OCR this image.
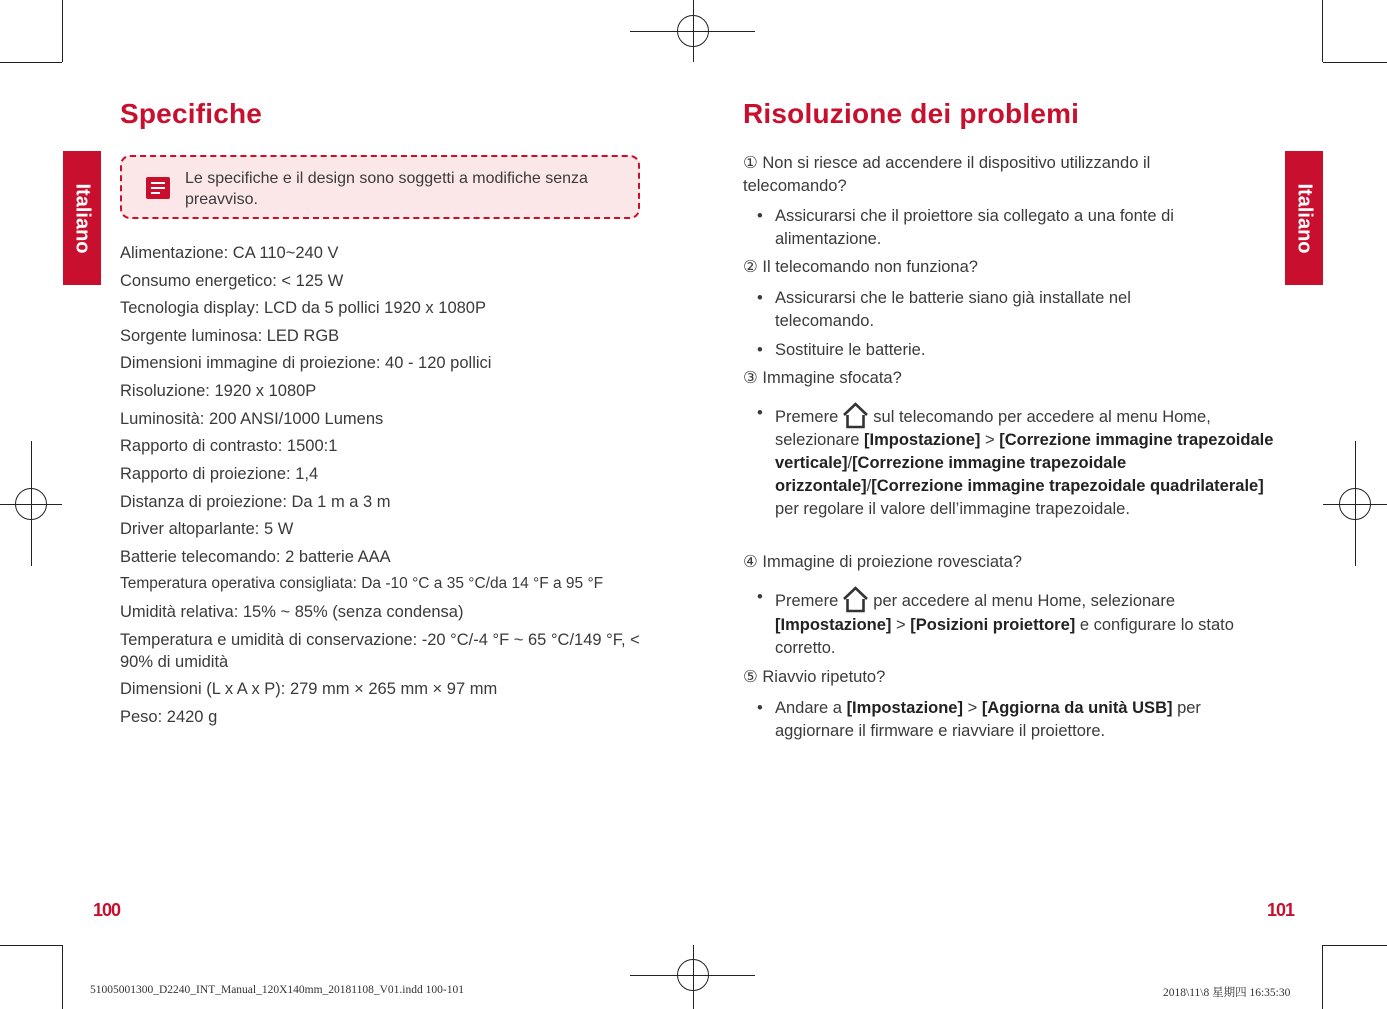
Italiano
Specifiche
Le specifiche e il design sono soggetti a modifiche senza preavviso.
Alimentazione: CA 110~240 V
Consumo energetico: < 125 W
Tecnologia display: LCD da 5 pollici 1920 x 1080P
Sorgente luminosa: LED RGB
Dimensioni immagine di proiezione: 40 - 120 pollici
Risoluzione: 1920 x 1080P
Luminosità: 200 ANSI/1000 Lumens
Rapporto di contrasto: 1500:1
Rapporto di proiezione: 1,4
Distanza di proiezione: Da 1 m a 3 m
Driver altoparlante: 5 W
Batterie telecomando: 2 batterie AAA
Temperatura operativa consigliata: Da -10 °C a 35 °C/da 14 °F a 95 °F
Umidità relativa: 15% ~ 85% (senza condensa)
Temperatura e umidità di conservazione: -20 °C/-4 °F ~ 65 °C/149 °F, < 90% di umidità
Dimensioni (L x A x P): 279 mm × 265 mm × 97 mm
Peso: 2420 g
100
Italiano
Risoluzione dei problemi
① Non si riesce ad accendere il dispositivo utilizzando il telecomando?
• Assicurarsi che il proiettore sia collegato a una fonte di alimentazione.
② Il telecomando non funziona?
• Assicurarsi che le batterie siano già installate nel telecomando.
• Sostituire le batterie.
③ Immagine sfocata?
• Premere sul telecomando per accedere al menu Home,
selezionare [Impostazione] > [Correzione immagine trapezoidale verticale]/[Correzione immagine trapezoidale orizzontale]/[Correzione immagine trapezoidale quadrilaterale] per regolare il valore dell’immagine trapezoidale.
④ Immagine di proiezione rovesciata?
• Premere per accedere al menu Home, selezionare
[Impostazione] > [Posizioni proiettore] e configurare lo stato corretto.
⑤ Riavvio ripetuto?
• Andare a [Impostazione] > [Aggiorna da unità USB] per aggiornare il firmware e riavviare il proiettore.
101
51005001300_D2240_INT_Manual_120X140mm_20181108_V01.indd 100-101	2018\11\8 星期四 16:35:30
